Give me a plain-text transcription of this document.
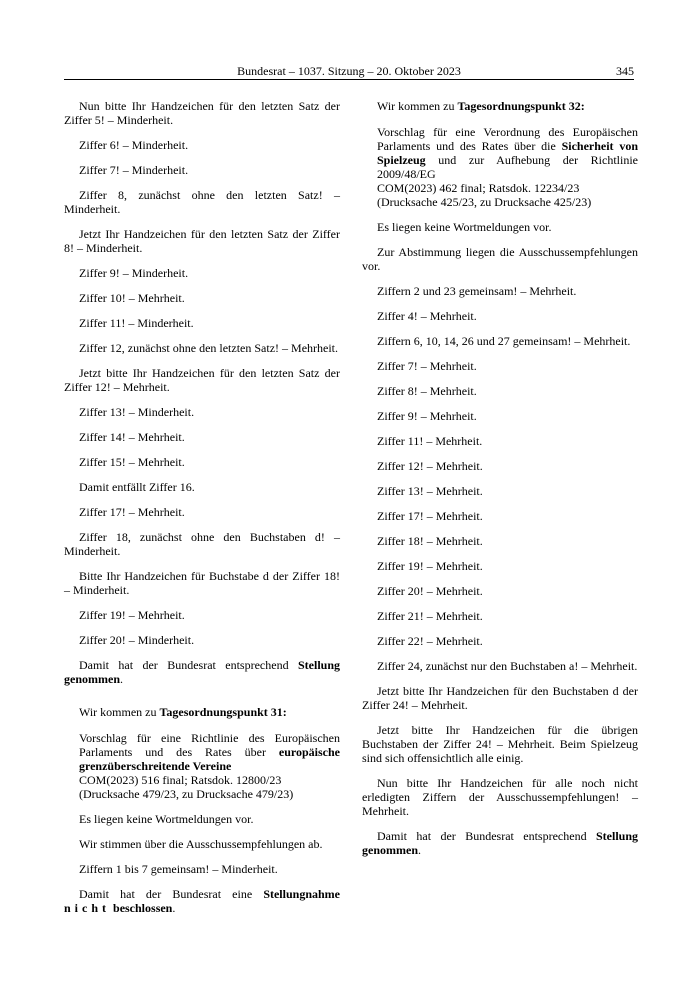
Bundesrat – 1037. Sitzung – 20. Oktober 2023	345

Nun bitte Ihr Handzeichen für den letzten Satz der Ziffer 5! – Minderheit.

Ziffer 6! – Minderheit.

Ziffer 7! – Minderheit.

Ziffer 8, zunächst ohne den letzten Satz! – Minderheit.

Jetzt Ihr Handzeichen für den letzten Satz der Ziffer 8! – Minderheit.

Ziffer 9! – Minderheit.

Ziffer 10! – Mehrheit.

Ziffer 11! – Minderheit.

Ziffer 12, zunächst ohne den letzten Satz! – Mehrheit.

Jetzt bitte Ihr Handzeichen für den letzten Satz der Ziffer 12! – Mehrheit.

Ziffer 13! – Minderheit.

Ziffer 14! – Mehrheit.

Ziffer 15! – Mehrheit.

Damit entfällt Ziffer 16.

Ziffer 17! – Mehrheit.

Ziffer 18, zunächst ohne den Buchstaben d! – Minderheit.

Bitte Ihr Handzeichen für Buchstabe d der Ziffer 18! – Minderheit.

Ziffer 19! – Mehrheit.

Ziffer 20! – Minderheit.

Damit hat der Bundesrat entsprechend Stellung genommen.

Wir kommen zu Tagesordnungspunkt 31:

Vorschlag für eine Richtlinie des Europäischen Parlaments und des Rates über europäische grenzüberschreitende Vereine

COM(2023) 516 final; Ratsdok. 12800/23
(Drucksache 479/23, zu Drucksache 479/23)

Es liegen keine Wortmeldungen vor.

Wir stimmen über die Ausschussempfehlungen ab.

Ziffern 1 bis 7 gemeinsam! – Minderheit.

Damit hat der Bundesrat eine Stellungnahme nicht beschlossen.

Wir kommen zu Tagesordnungspunkt 32:

Vorschlag für eine Verordnung des Europäischen Parlaments und des Rates über die Sicherheit von Spielzeug und zur Aufhebung der Richtlinie 2009/48/EG

COM(2023) 462 final; Ratsdok. 12234/23
(Drucksache 425/23, zu Drucksache 425/23)

Es liegen keine Wortmeldungen vor.

Zur Abstimmung liegen die Ausschussempfehlungen vor.

Ziffern 2 und 23 gemeinsam! – Mehrheit.

Ziffer 4! – Mehrheit.

Ziffern 6, 10, 14, 26 und 27 gemeinsam! – Mehrheit.

Ziffer 7! – Mehrheit.

Ziffer 8! – Mehrheit.

Ziffer 9! – Mehrheit.

Ziffer 11! – Mehrheit.

Ziffer 12! – Mehrheit.

Ziffer 13! – Mehrheit.

Ziffer 17! – Mehrheit.

Ziffer 18! – Mehrheit.

Ziffer 19! – Mehrheit.

Ziffer 20! – Mehrheit.

Ziffer 21! – Mehrheit.

Ziffer 22! – Mehrheit.

Ziffer 24, zunächst nur den Buchstaben a! – Mehrheit.

Jetzt bitte Ihr Handzeichen für den Buchstaben d der Ziffer 24! – Mehrheit.

Jetzt bitte Ihr Handzeichen für die übrigen Buchstaben der Ziffer 24! – Mehrheit. Beim Spielzeug sind sich offensichtlich alle einig.

Nun bitte Ihr Handzeichen für alle noch nicht erledigten Ziffern der Ausschussempfehlungen! – Mehrheit.

Damit hat der Bundesrat entsprechend Stellung genommen.
